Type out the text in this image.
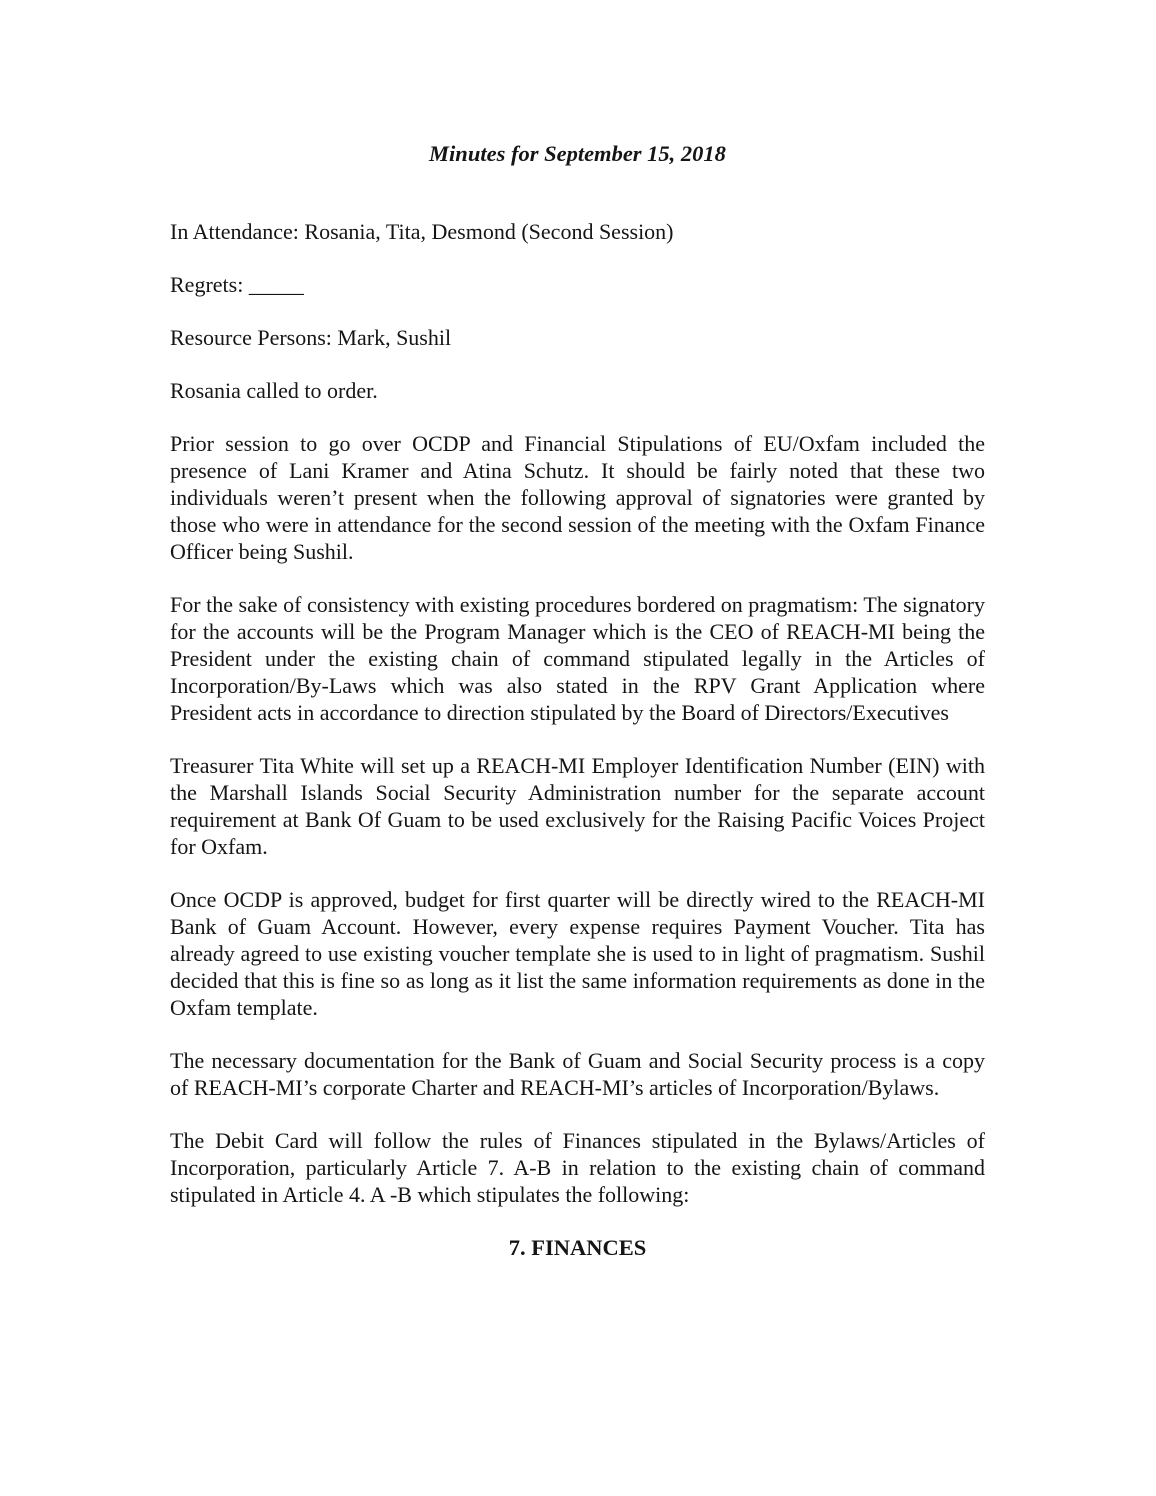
Minutes for September 15, 2018
In Attendance: Rosania, Tita, Desmond (Second Session)
Regrets: _____
Resource Persons: Mark, Sushil
Rosania called to order.
Prior session to go over OCDP and Financial Stipulations of EU/Oxfam included the presence of Lani Kramer and Atina Schutz. It should be fairly noted that these two individuals weren’t present when the following approval of signatories were granted by those who were in attendance for the second session of the meeting with the Oxfam Finance Officer being Sushil.
For the sake of consistency with existing procedures bordered on pragmatism: The signatory for the accounts will be the Program Manager which is the CEO of REACH-MI being the President under the existing chain of command stipulated legally in the Articles of Incorporation/By-Laws which was also stated in the RPV Grant Application where President acts in accordance to direction stipulated by the Board of Directors/Executives
Treasurer Tita White will set up a REACH-MI Employer Identification Number (EIN) with the Marshall Islands Social Security Administration number for the separate account requirement at Bank Of Guam to be used exclusively for the Raising Pacific Voices Project for Oxfam.
Once OCDP is approved, budget for first quarter will be directly wired to the REACH-MI Bank of Guam Account. However, every expense requires Payment Voucher. Tita has already agreed to use existing voucher template she is used to in light of pragmatism. Sushil decided that this is fine so as long as it list the same information requirements as done in the Oxfam template.
The necessary documentation for the Bank of Guam and Social Security process is a copy of REACH-MI’s corporate Charter and REACH-MI’s articles of Incorporation/Bylaws.
The Debit Card will follow the rules of Finances stipulated in the Bylaws/Articles of Incorporation, particularly Article 7. A-B in relation to the existing chain of command stipulated in Article 4. A -B which stipulates the following:
7. FINANCES
